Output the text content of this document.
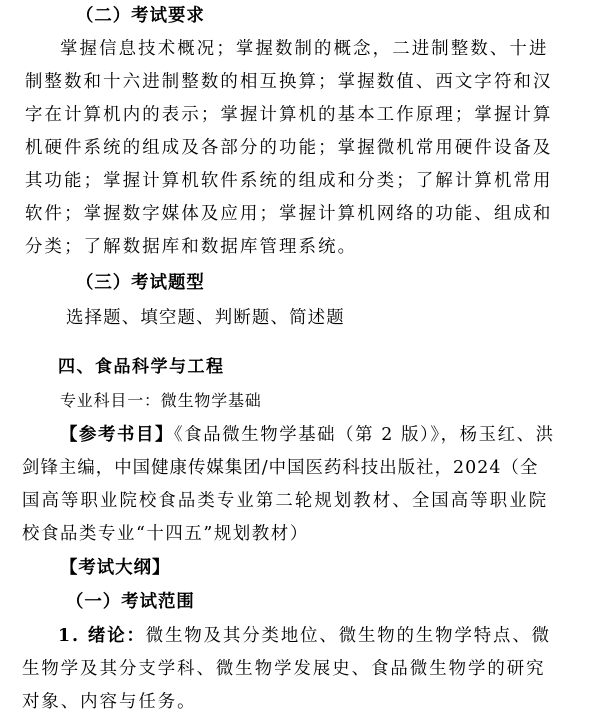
（二）考试要求
掌握信息技术概况；掌握数制的概念，二进制整数、十进
制整数和十六进制整数的相互换算；掌握数值、西文字符和汉
字在计算机内的表示；掌握计算机的基本工作原理；掌握计算
机硬件系统的组成及各部分的功能；掌握微机常用硬件设备及
其功能；掌握计算机软件系统的组成和分类；了解计算机常用
软件；掌握数字媒体及应用；掌握计算机网络的功能、组成和
分类；了解数据库和数据库管理系统。
（三）考试题型
选择题、填空题、判断题、简述题
四、食品科学与工程
专业科目一：微生物学基础
【参考书目】《食品微生物学基础（第 2 版）》，杨玉红、洪
剑锋主编，中国健康传媒集团/中国医药科技出版社，2024（全
国高等职业院校食品类专业第二轮规划教材、全国高等职业院
校食品类专业“十四五”规划教材）
【考试大纲】
（一）考试范围
1. 绪论：微生物及其分类地位、微生物的生物学特点、微
生物学及其分支学科、微生物学发展史、食品微生物学的研究
对象、内容与任务。
